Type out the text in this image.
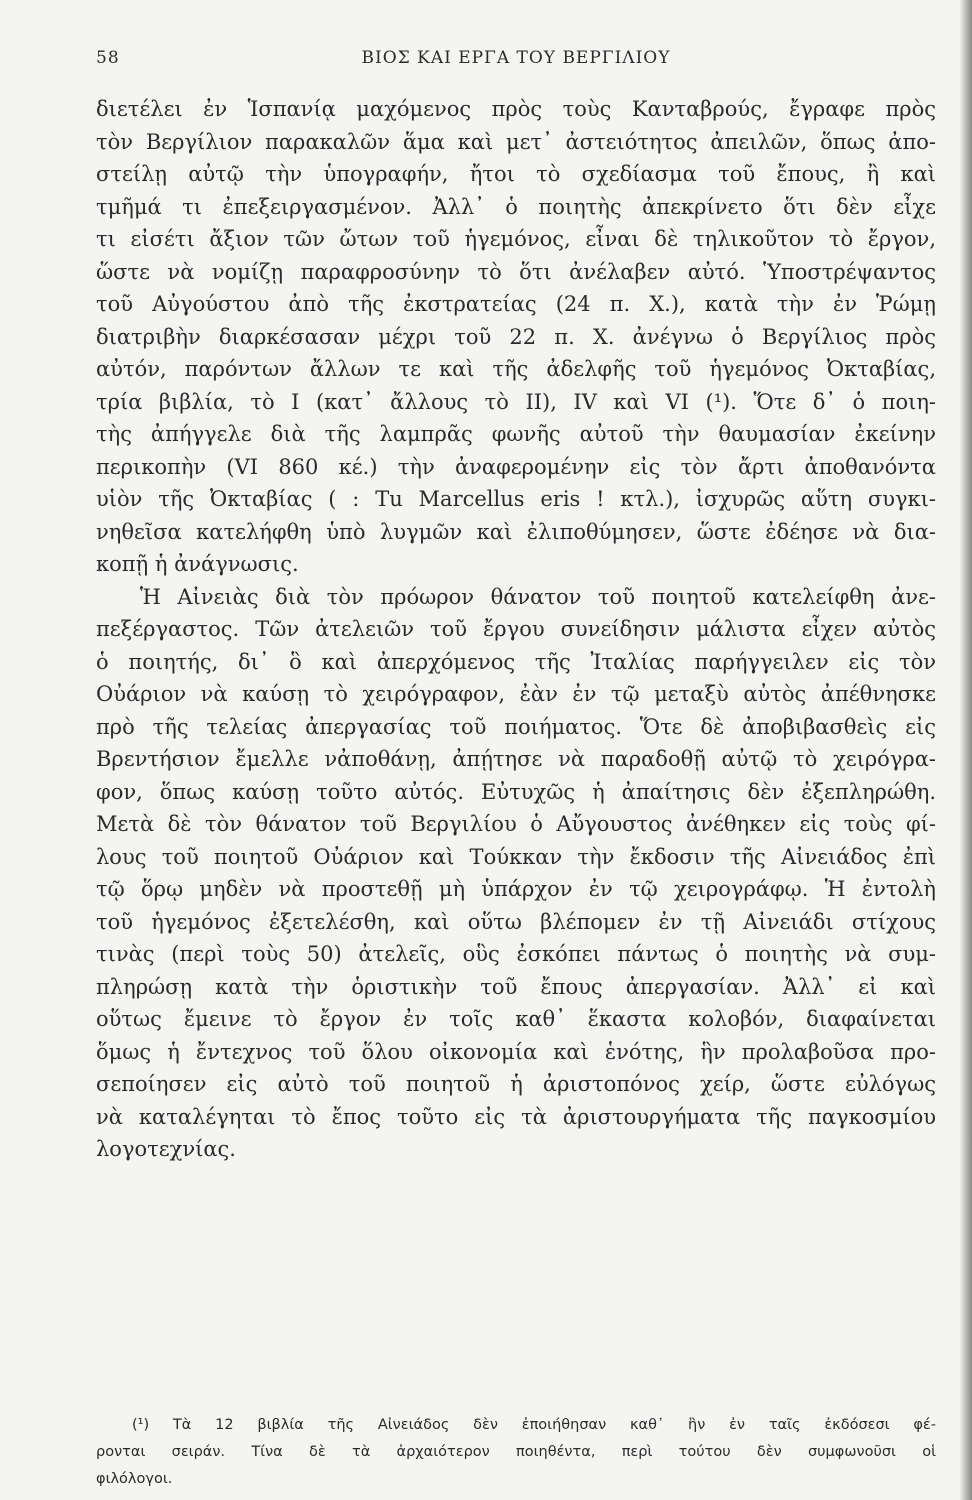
58	ΒΙΟΣ ΚΑΙ ΕΡΓΑ ΤΟΥ ΒΕΡΓΙΛΙΟΥ
διετέλει ἐν Ἱσπανίᾳ μαχόμενος πρὸς τοὺς Κανταβρούς, ἔγραφε πρὸς
τὸν Βεργίλιον παρακαλῶν ἅμα καὶ μετ᾽ ἀστειότητος ἀπειλῶν, ὅπως ἀπο-
στείλῃ αὐτῷ τὴν ὑπογραφήν, ἤτοι τὸ σχεδίασμα τοῦ ἔπους, ἢ καὶ
τμῆμά τι ἐπεξειργασμένον. Ἀλλ᾽ ὁ ποιητὴς ἀπεκρίνετο ὅτι δὲν εἶχε
τι εἰσέτι ἄξιον τῶν ὤτων τοῦ ἡγεμόνος, εἶναι δὲ τηλικοῦτον τὸ ἔργον,
ὥστε νὰ νομίζῃ παραφροσύνην τὸ ὅτι ἀνέλαβεν αὐτό. Ὑποστρέψαντος
τοῦ Αὐγούστου ἀπὸ τῆς ἐκστρατείας (24 π. Χ.), κατὰ τὴν ἐν Ῥώμῃ
διατριβὴν διαρκέσασαν μέχρι τοῦ 22 π. Χ. ἀνέγνω ὁ Βεργίλιος πρὸς
αὐτόν, παρόντων ἄλλων τε καὶ τῆς ἀδελφῆς τοῦ ἡγεμόνος Ὀκταβίας,
τρία βιβλία, τὸ Ι (κατ᾽ ἄλλους τὸ ΙΙ), IV καὶ VI (¹). Ὅτε δ᾽ ὁ ποιη-
τὴς ἀπήγγελε διὰ τῆς λαμπρᾶς φωνῆς αὐτοῦ τὴν θαυμασίαν ἐκείνην
περικοπὴν (VI 860 κέ.) τὴν ἀναφερομένην εἰς τὸν ἄρτι ἀποθανόντα
υἱὸν τῆς Ὀκταβίας ( : Tu Marcellus eris ! κτλ.), ἰσχυρῶς αὕτη συγκι-
νηθεῖσα κατελήφθη ὑπὸ λυγμῶν καὶ ἐλιποθύμησεν, ὥστε ἐδέησε νὰ δια-
κοπῇ ἡ ἀνάγνωσις.
Ἡ Αἰνειὰς διὰ τὸν πρόωρον θάνατον τοῦ ποιητοῦ κατελείφθη ἀνε-
πεξέργαστος. Τῶν ἀτελειῶν τοῦ ἔργου συνείδησιν μάλιστα εἶχεν αὐτὸς
ὁ ποιητής, δι᾽ ὃ καὶ ἀπερχόμενος τῆς Ἰταλίας παρήγγειλεν εἰς τὸν
Οὐάριον νὰ καύσῃ τὸ χειρόγραφον, ἐὰν ἐν τῷ μεταξὺ αὐτὸς ἀπέθνησκε
πρὸ τῆς τελείας ἀπεργασίας τοῦ ποιήματος. Ὅτε δὲ ἀποβιβασθεὶς εἰς
Βρεντήσιον ἔμελλε νἀποθάνῃ, ἀπῄτησε νὰ παραδοθῇ αὐτῷ τὸ χειρόγρα-
φον, ὅπως καύσῃ τοῦτο αὐτός. Εὐτυχῶς ἡ ἀπαίτησις δὲν ἐξεπληρώθη.
Μετὰ δὲ τὸν θάνατον τοῦ Βεργιλίου ὁ Αὔγουστος ἀνέθηκεν εἰς τοὺς φί-
λους τοῦ ποιητοῦ Οὐάριον καὶ Τούκκαν τὴν ἔκδοσιν τῆς Αἰνειάδος ἐπὶ
τῷ ὅρῳ μηδὲν νὰ προστεθῇ μὴ ὑπάρχον ἐν τῷ χειρογράφῳ. Ἡ ἐντολὴ
τοῦ ἡγεμόνος ἐξετελέσθη, καὶ οὕτω βλέπομεν ἐν τῇ Αἰνειάδι στίχους
τινὰς (περὶ τοὺς 50) ἀτελεῖς, οὓς ἐσκόπει πάντως ὁ ποιητὴς νὰ συμ-
πληρώσῃ κατὰ τὴν ὁριστικὴν τοῦ ἔπους ἀπεργασίαν. Ἀλλ᾽ εἰ καὶ
οὕτως ἔμεινε τὸ ἔργον ἐν τοῖς καθ᾽ ἕκαστα κολοβόν, διαφαίνεται
ὅμως ἡ ἔντεχνος τοῦ ὅλου οἰκονομία καὶ ἑνότης, ἣν προλαβοῦσα προ-
σεποίησεν εἰς αὐτὸ τοῦ ποιητοῦ ἡ ἀριστοπόνος χείρ, ὥστε εὐλόγως
νὰ καταλέγηται τὸ ἔπος τοῦτο εἰς τὰ ἀριστουργήματα τῆς παγκοσμίου
λογοτεχνίας.
(¹) Τὰ 12 βιβλία τῆς Αἰνειάδος δὲν ἐποιήθησαν καθ᾽ ἣν ἐν ταῖς ἐκδόσεσι φέ-
ρονται σειράν. Τίνα δὲ τὰ ἀρχαιότερον ποιηθέντα, περὶ τούτου δὲν συμφωνοῦσι οἱ
φιλόλογοι.
